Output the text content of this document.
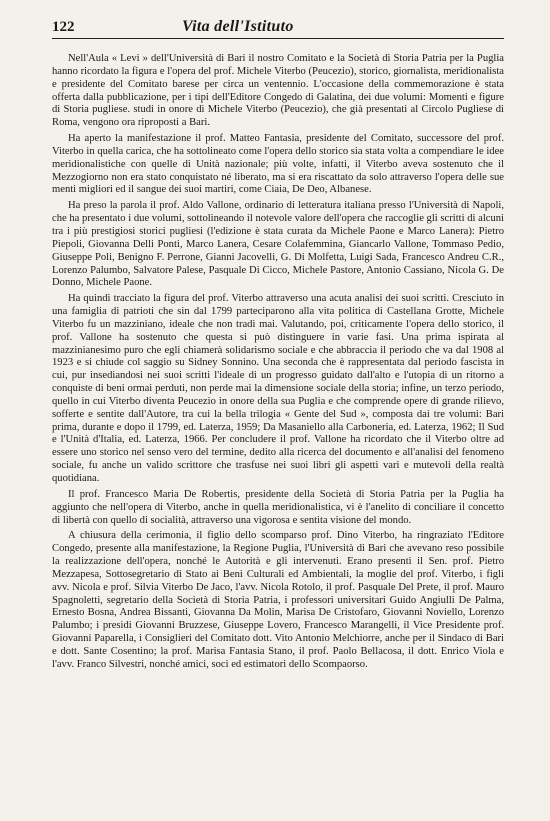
122	Vita dell'Istituto

Nell'Aula « Levi » dell'Università di Bari il nostro Comitato e la Società di Storia Patria per la Puglia hanno ricordato la figura e l'opera del prof. Michele Viterbo (Peucezio), storico, giornalista, meridionalista e presidente del Comitato barese per circa un ventennio. L'occasione della commemorazione è stata offerta dalla pubblicazione, per i tipi dell'Editore Congedo di Galatina, dei due volumi: Momenti e figure di Storia pugliese. studi in onore di Michele Viterbo (Peucezio), che già presentati al Circolo Pugliese di Roma, vengono ora riproposti a Bari.

Ha aperto la manifestazione il prof. Matteo Fantasia, presidente del Comitato, successore del prof. Viterbo in quella carica, che ha sottolineato come l'opera dello storico sia stata volta a compendiare le idee meridionalistiche con quelle di Unità nazionale; più volte, infatti, il Viterbo aveva sostenuto che il Mezzogiorno non era stato conquistato né liberato, ma si era riscattato da solo attraverso l'opera delle sue menti migliori ed il sangue dei suoi martiri, come Ciaia, De Deo, Albanese.

Ha preso la parola il prof. Aldo Vallone, ordinario di letteratura italiana presso l'Università di Napoli, che ha presentato i due volumi, sottolineando il notevole valore dell'opera che raccoglie gli scritti di alcuni tra i più prestigiosi storici pugliesi (l'edizione è stata curata da Michele Paone e Marco Lanera): Pietro Piepoli, Giovanna Delli Ponti, Marco Lanera, Cesare Colafemmina, Giancarlo Vallone, Tommaso Pedio, Giuseppe Poli, Benigno F. Perrone, Gianni Jacovelli, G. Di Molfetta, Luigi Sada, Francesco Andreu C.R., Lorenzo Palumbo, Salvatore Palese, Pasquale Di Cicco, Michele Pastore, Antonio Cassiano, Nicola G. De Donno, Michele Paone.

Ha quindi tracciato la figura del prof. Viterbo attraverso una acuta analisi dei suoi scritti. Cresciuto in una famiglia di patrioti che sin dal 1799 parteciparono alla vita politica di Castellana Grotte, Michele Viterbo fu un mazziniano, ideale che non tradì mai. Valutando, poi, criticamente l'opera dello storico, il prof. Vallone ha sostenuto che questa si può distinguere in varie fasi. Una prima ispirata al mazzinianesimo puro che egli chiamerà solidarismo sociale e che abbraccia il periodo che va dal 1908 al 1923 e si chiude col saggio su Sidney Sonnino. Una seconda che è rappresentata dal periodo fascista in cui, pur insediandosi nei suoi scritti l'ideale di un progresso guidato dall'alto e l'utopia di un ritorno a conquiste di beni ormai perduti, non perde mai la dimensione sociale della storia; infine, un terzo periodo, quello in cui Viterbo diventa Peucezio in onore della sua Puglia e che comprende opere di grande rilievo, sofferte e sentite dall'Autore, tra cui la bella trilogia « Gente del Sud », composta dai tre volumi: Bari prima, durante e dopo il 1799, ed. Laterza, 1959; Da Masaniello alla Carboneria, ed. Laterza, 1962; Il Sud e l'Unità d'Italia, ed. Laterza, 1966. Per concludere il prof. Vallone ha ricordato che il Viterbo oltre ad essere uno storico nel senso vero del termine, dedito alla ricerca del documento e all'analisi del fenomeno sociale, fu anche un valido scrittore che trasfuse nei suoi libri gli aspetti vari e mutevoli della realtà quotidiana.

Il prof. Francesco Maria De Robertis, presidente della Società di Storia Patria per la Puglia ha aggiunto che nell'opera di Viterbo, anche in quella meridionalistica, vi è l'anelito di conciliare il concetto di libertà con quello di socialità, attraverso una vigorosa e sentita visione del mondo.

A chiusura della cerimonia, il figlio dello scomparso prof. Dino Viterbo, ha ringraziato l'Editore Congedo, presente alla manifestazione, la Regione Puglia, l'Università di Bari che avevano reso possibile la realizzazione dell'opera, nonché le Autorità e gli intervenuti. Erano presenti il Sen. prof. Pietro Mezzapesa, Sottosegretario di Stato ai Beni Culturali ed Ambientali, la moglie del prof. Viterbo, i figli avv. Nicola e prof. Silvia Viterbo De Jaco, l'avv. Nicola Rotolo, il prof. Pasquale Del Prete, il prof. Mauro Spagnoletti, segretario della Società di Storia Patria, i professori universitari Guido Angiulli De Palma, Ernesto Bosna, Andrea Bissanti, Giovanna Da Molin, Marisa De Cristofaro, Giovanni Noviello, Lorenzo Palumbo; i presidi Giovanni Bruzzese, Giuseppe Lovero, Francesco Marangelli, il Vice Presidente prof. Giovanni Paparella, i Consiglieri del Comitato dott. Vito Antonio Melchiorre, anche per il Sindaco di Bari e dott. Sante Cosentino; la prof. Marisa Fantasia Stano, il prof. Paolo Bellacosa, il dott. Enrico Viola e l'avv. Franco Silvestri, nonché amici, soci ed estimatori dello Scompaorso.
